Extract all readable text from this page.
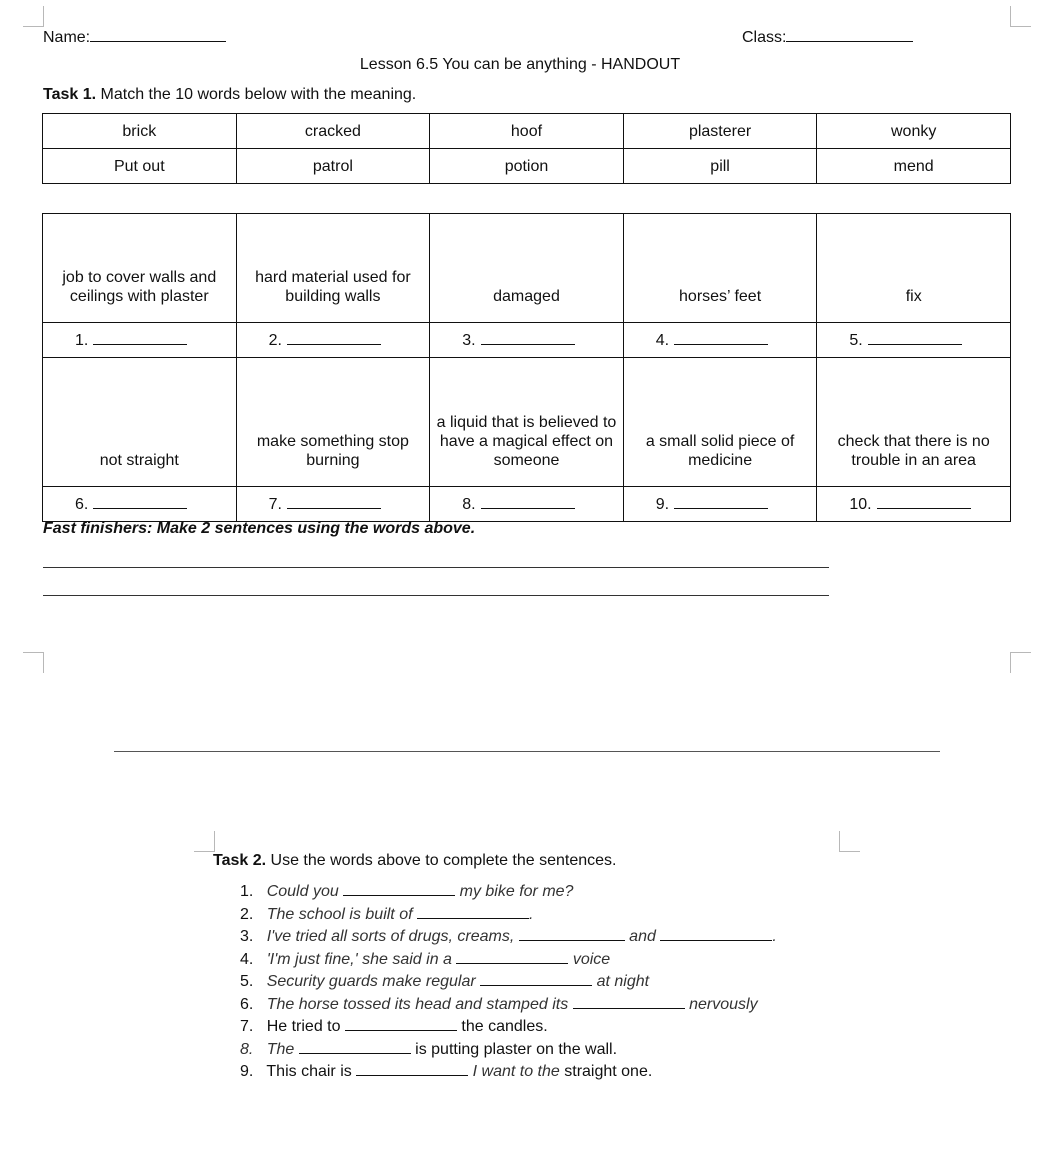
Name:	Class:
Lesson 6.5 You can be anything - HANDOUT
Task 1. Match the 10 words below with the meaning.
brick	cracked	hoof	plasterer	wonky
Put out	patrol	potion	pill	mend
job to cover walls and ceilings with plaster	hard material used for building walls	damaged	horses’ feet	fix
1.	2.	3.	4.	5.
not straight	make something stop burning	a liquid that is believed to have a magical effect on someone	a small solid piece of medicine	check that there is no trouble in an area
6.	7.	8.	9.	10.
Fast finishers: Make 2 sentences using the words above.
Task 2. Use the words above to complete the sentences.
1. Could you	my bike for me?
2. The school is built of	.
3. I've tried all sorts of drugs, creams,	and	.
4. 'I'm just fine,' she said in a	voice
5. Security guards make regular	at night
6. The horse tossed its head and stamped its	nervously
7. He tried to	the candles.
8. The	is putting plaster on the wall.
9. This chair is	I want to the straight one.
